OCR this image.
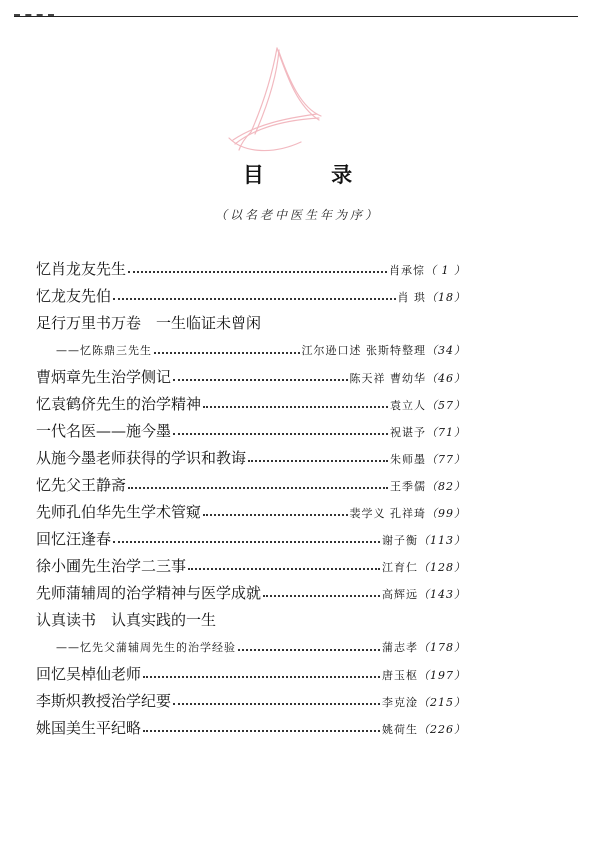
目 录
（以名老中医生年为序）
忆肖龙友先生	肖承悰 （ 1 ）
忆龙友先伯	肖 珙 （18）
足行万里书万卷　一生临证未曾闲
——忆陈鼎三先生	江尔逊口述 张斯特整理 （34）
曹炳章先生治学侧记	陈天祥 曹幼华 （46）
忆袁鹤侪先生的治学精神	袁立人 （57）
一代名医——施今墨	祝谌予 （71）
从施今墨老师获得的学识和教诲	朱师墨 （77）
忆先父王静斋	王季儒 （82）
先师孔伯华先生学术管窥	裴学义 孔祥琦 （99）
回忆汪逢春	谢子衡 （113）
徐小圃先生治学二三事	江育仁 （128）
先师蒲辅周的治学精神与医学成就	高辉远 （143）
认真读书　认真实践的一生
——忆先父蒲辅周先生的治学经验	蒲志孝 （178）
回忆吴棹仙老师	唐玉枢 （197）
李斯炽教授治学纪要	李克淦 （215）
姚国美生平纪略	姚荷生 （226）
